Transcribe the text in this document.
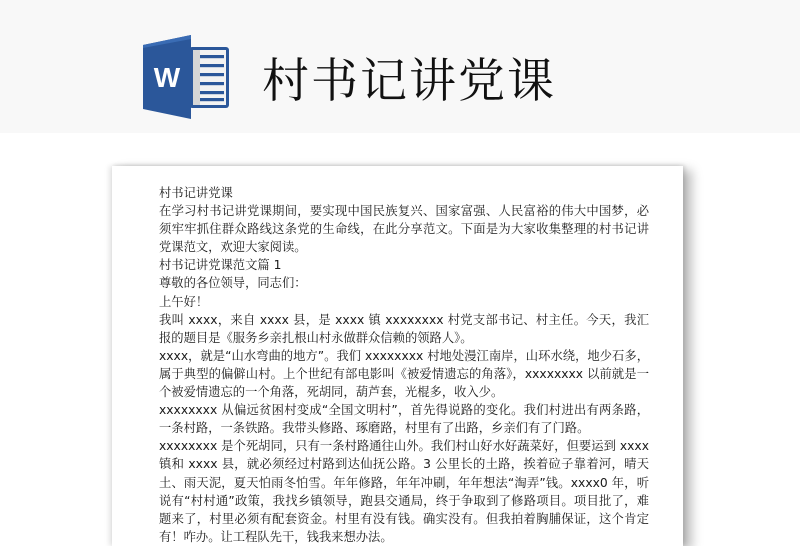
W 村书记讲党课

村书记讲党课

在学习村书记讲党课期间，要实现中国民族复兴、国家富强、人民富裕的伟大中国梦，必须牢牢抓住群众路线这条党的生命线，在此分享范文。下面是为大家收集整理的村书记讲党课范文，欢迎大家阅读。

村书记讲党课范文篇 1

尊敬的各位领导，同志们：

上午好！

我叫 xxxx，来自 xxxx 县，是 xxxx 镇 xxxxxxxx 村党支部书记、村主任。今天，我汇报的题目是《服务乡亲扎根山村永做群众信赖的领路人》。

xxxx，就是“山水弯曲的地方”。我们 xxxxxxxx 村地处漫江南岸，山环水绕，地少石多，属于典型的偏僻山村。上个世纪有部电影叫《被爱情遗忘的角落》，xxxxxxxx 以前就是一个被爱情遗忘的一个角落，死胡同，葫芦套，光棍多，收入少。

xxxxxxxx 从偏远贫困村变成“全国文明村”，首先得说路的变化。我们村进出有两条路，一条村路，一条铁路。我带头修路、琢磨路，村里有了出路，乡亲们有了门路。

xxxxxxxx 是个死胡同，只有一条村路通往山外。我们村山好水好蔬菜好，但要运到 xxxx 镇和 xxxx 县，就必须经过村路到达仙抚公路。3 公里长的土路，挨着砬子靠着河，晴天土、雨天泥，夏天怕雨冬怕雪。年年修路，年年冲刷，年年想法“淘弄”钱。xxxx0 年，听说有“村村通”政策，我找乡镇领导，跑县交通局，终于争取到了修路项目。项目批了，难题来了，村里必须有配套资金。村里有没有钱。确实没有。但我拍着胸脯保证，这个肯定有！咋办。让工程队先干，钱我来想办法。
